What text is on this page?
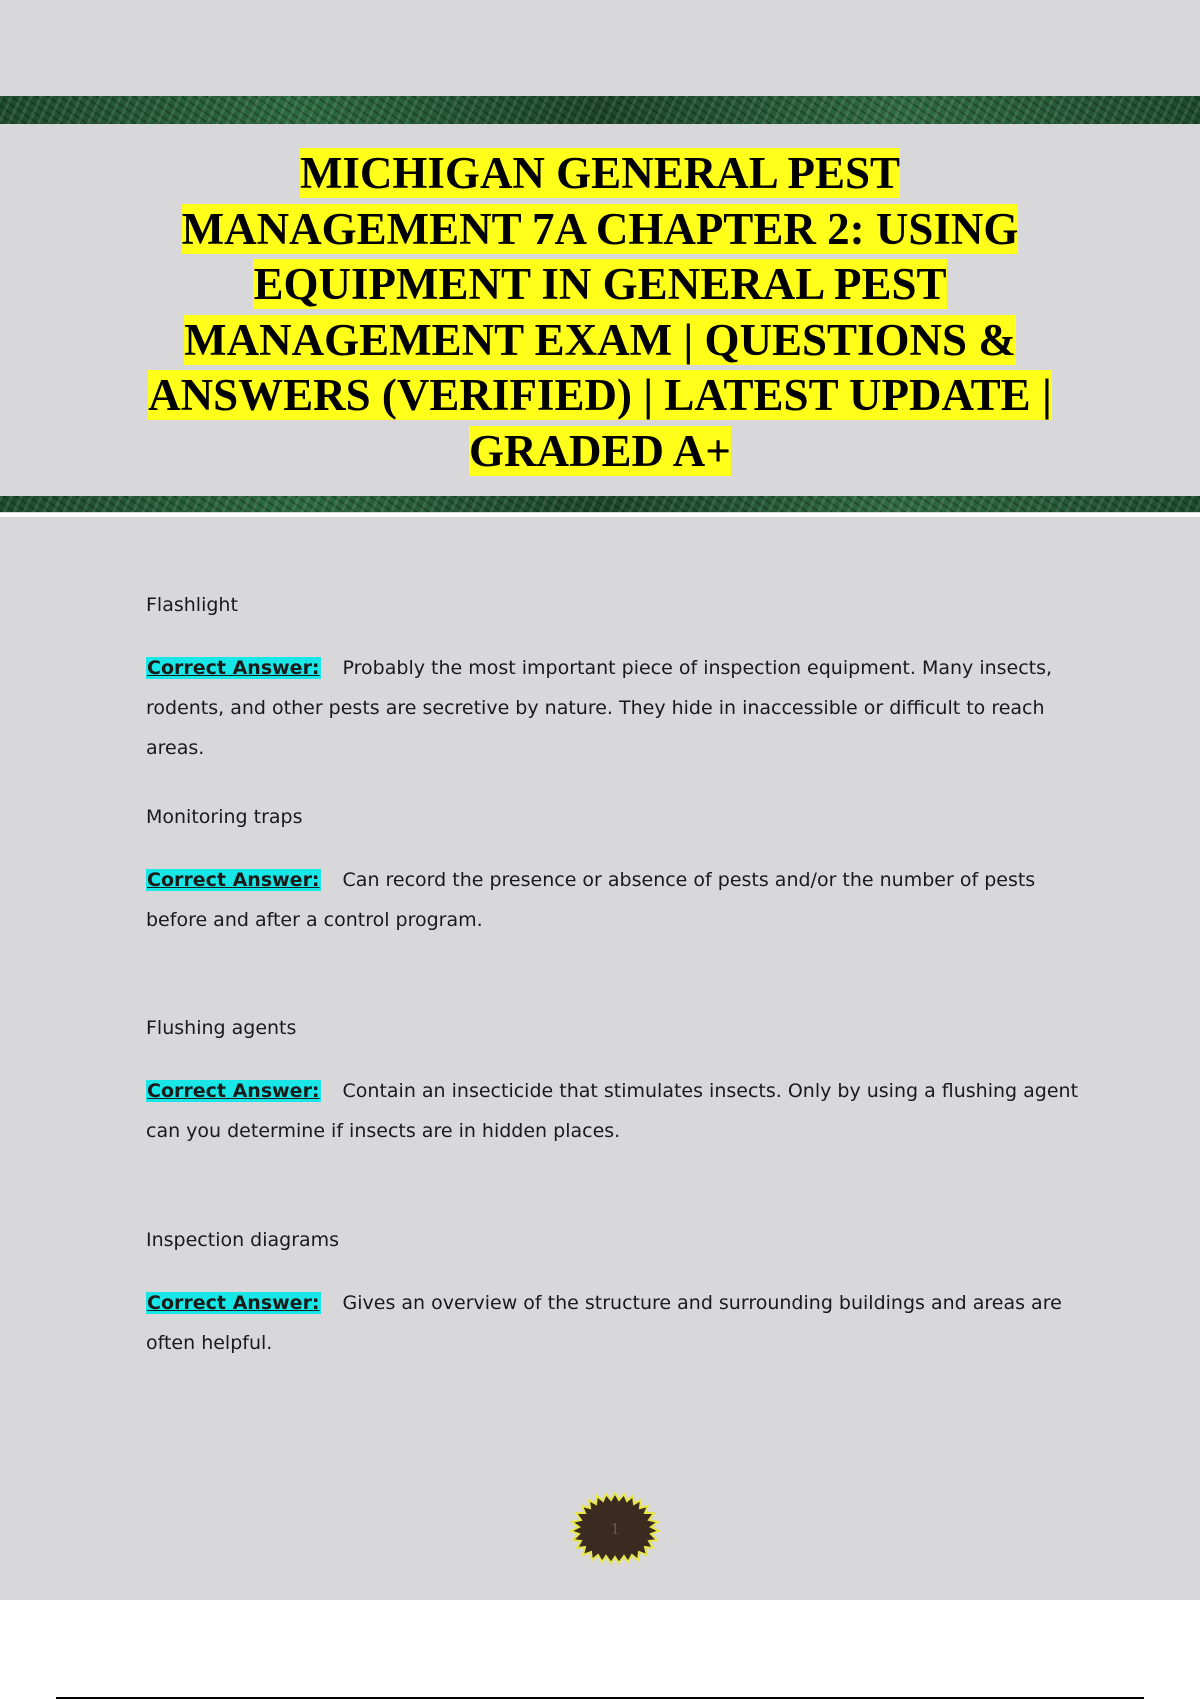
MICHIGAN GENERAL PEST MANAGEMENT 7A CHAPTER 2: USING EQUIPMENT IN GENERAL PEST MANAGEMENT EXAM | QUESTIONS & ANSWERS (VERIFIED) | LATEST UPDATE | GRADED A+
Flashlight
Correct Answer: Probably the most important piece of inspection equipment. Many insects, rodents, and other pests are secretive by nature. They hide in inaccessible or difficult to reach areas.
Monitoring traps
Correct Answer: Can record the presence or absence of pests and/or the number of pests before and after a control program.
Flushing agents
Correct Answer: Contain an insecticide that stimulates insects. Only by using a flushing agent can you determine if insects are in hidden places.
Inspection diagrams
Correct Answer: Gives an overview of the structure and surrounding buildings and areas are often helpful.
1
